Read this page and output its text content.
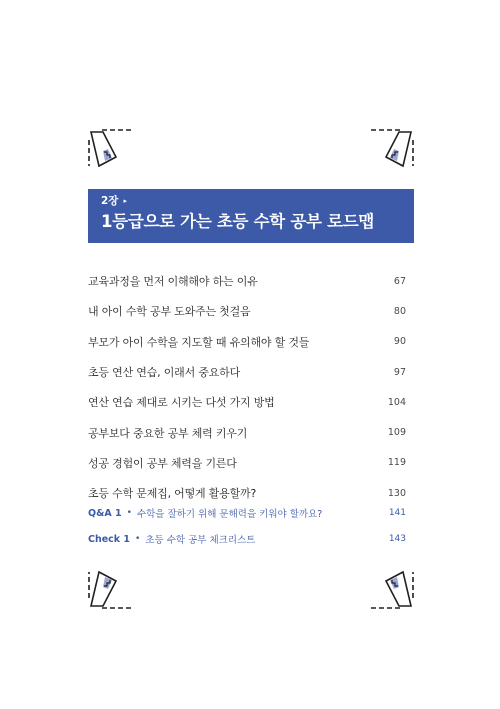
2장 ▸
1등급으로 가는 초등 수학 공부 로드맵
교육과정을 먼저 이해해야 하는 이유	67
내 아이 수학 공부 도와주는 첫걸음	80
부모가 아이 수학을 지도할 때 유의해야 할 것들	90
초등 연산 연습, 이래서 중요하다	97
연산 연습 제대로 시키는 다섯 가지 방법	104
공부보다 중요한 공부 체력 키우기	109
성공 경험이 공부 체력을 기른다	119
초등 수학 문제집, 어떻게 활용할까?	130
Q&A 1 • 수학을 잘하기 위해 문해력을 키워야 할까요?	141
Check 1 • 초등 수학 공부 체크리스트	143
